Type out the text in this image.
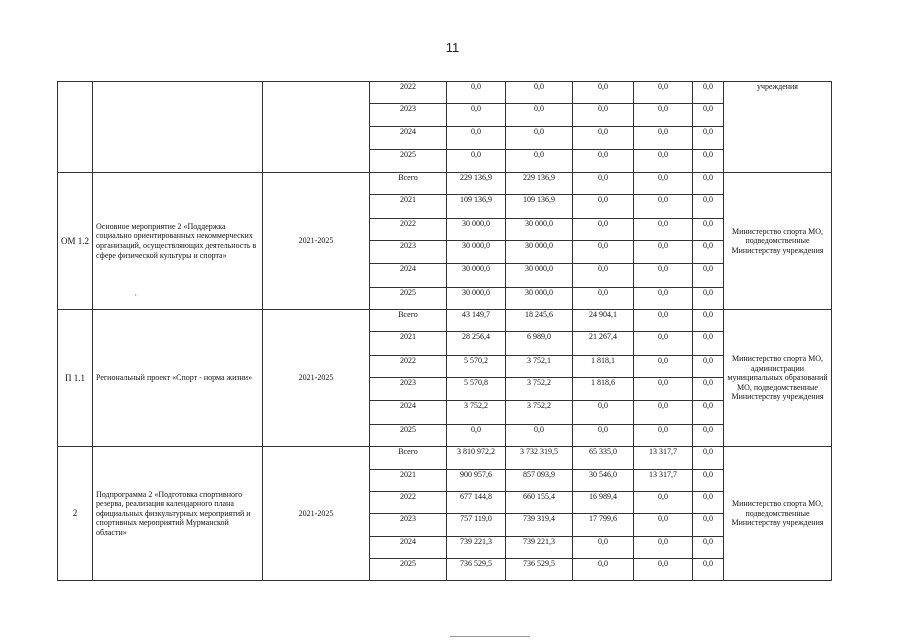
11
			2022	0,0	0,0	0,0	0,0	0,0	учреждения
			2023	0,0	0,0	0,0	0,0	0,0	
			2024	0,0	0,0	0,0	0,0	0,0	
			2025	0,0	0,0	0,0	0,0	0,0	
ОМ 1.2	Основное мероприятие 2 «Поддержка социально ориентированных некоммерческих организаций, осуществляющих деятельность в сфере физической культуры и спорта»	2021-2025	Всего	229 136,9	229 136,9	0,0	0,0	0,0	Министерство спорта МО, подведомственные Министерству учреждения
			2021	109 136,9	109 136,9	0,0	0,0	0,0	
			2022	30 000,0	30 000,0	0,0	0,0	0,0	
			2023	30 000,0	30 000,0	0,0	0,0	0,0	
			2024	30 000,0	30 000,0	0,0	0,0	0,0	
			2025	30 000,0	30 000,0	0,0	0,0	0,0	
П 1.1	Региональный проект «Спорт - норма жизни»	2021-2025	Всего	43 149,7	18 245,6	24 904,1	0,0	0,0	Министерство спорта МО, администрации муниципальных образований МО, подведомственные Министерству учреждения
			2021	28 256,4	6 989,0	21 267,4	0,0	0,0	
			2022	5 570,2	3 752,1	1 818,1	0,0	0,0	
			2023	5 570,8	3 752,2	1 818,6	0,0	0,0	
			2024	3 752,2	3 752,2	0,0	0,0	0,0	
			2025	0,0	0,0	0,0	0,0	0,0	
2	Подпрограмма 2 «Подготовка спортивного резерва, реализация календарного плана официальных физкультурных мероприятий и спортивных мероприятий Мурманской области»	2021-2025	Всего	3 810 972,2	3 732 319,5	65 335,0	13 317,7	0,0	Министерство спорта МО, подведомственные Министерству учреждения
			2021	900 957,6	857 093,9	30 546,0	13 317,7	0,0	
			2022	677 144,8	660 155,4	16 989,4	0,0	0,0	
			2023	757 119,0	739 319,4	17 799,6	0,0	0,0	
			2024	739 221,3	739 221,3	0,0	0,0	0,0	
			2025	736 529,5	736 529,5	0,0	0,0	0,0	
`
